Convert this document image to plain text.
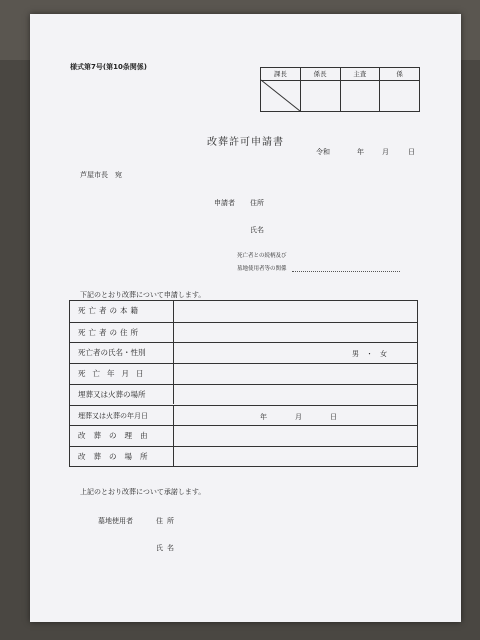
様式第7号(第10条関係)
課長	係長	主査	係
改葬許可申請書
令和	年	月	日
芦屋市長　宛
申請者 住所
氏名
死亡者との続柄及び
墓地使用者等の関係
下記のとおり改葬について申請します。
死亡者の本籍
死亡者の住所
死亡者の氏名・性別	男　・　女
死亡年月日
埋葬又は火葬の場所
埋葬又は火葬の年月日	年　　　　月　　　　日
改葬の理由
改葬の場所
上記のとおり改葬について承諾します。
墓地使用者	住所
氏名
